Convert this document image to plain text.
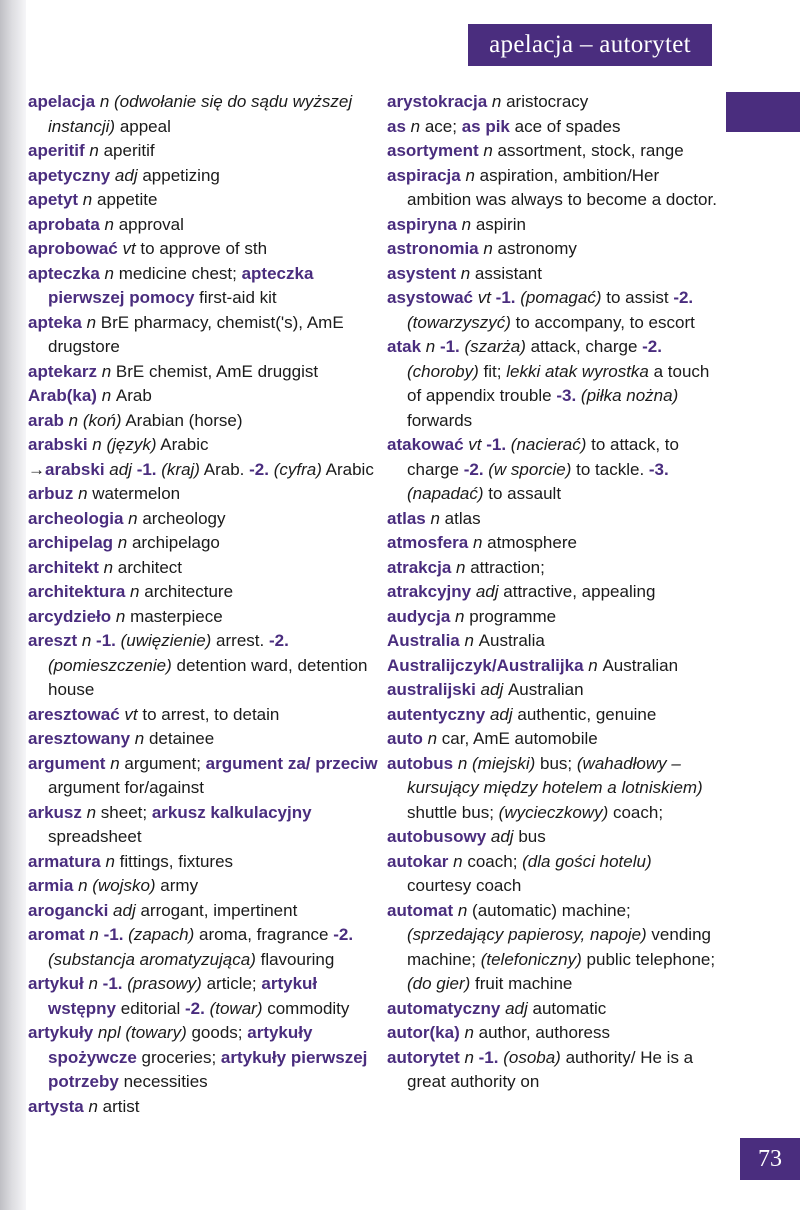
apelacja – autorytet
apelacja n (odwołanie się do sądu wyższej instancji) appeal
aperitif n aperitif
apetyczny adj appetizing
apetyt n appetite
aprobata n approval
aprobować vt to approve of sth
apteczka n medicine chest; apteczka pierwszej pomocy first-aid kit
apteka n BrE pharmacy, chemist('s), AmE drugstore
aptekarz n BrE chemist, AmE druggist
Arab(ka) n Arab
arab n (koń) Arabian (horse)
arabski n (język) Arabic
→arabski adj -1. (kraj) Arab. -2. (cyfra) Arabic
arbuz n watermelon
archeologia n archeology
archipelag n archipelago
architekt n architect
architektura n architecture
arcydzieło n masterpiece
areszt n -1. (uwięzienie) arrest. -2. (pomieszczenie) detention ward, detention house
aresztować vt to arrest, to detain
aresztowany n detainee
argument n argument; argument za/ przeciw argument for/against
arkusz n sheet; arkusz kalkulacyjny spreadsheet
armatura n fittings, fixtures
armia n (wojsko) army
arogancki adj arrogant, impertinent
aromat n -1. (zapach) aroma, fragrance -2. (substancja aromatyzująca) flavouring
artykuł n -1. (prasowy) article; artykuł wstępny editorial -2. (towar) commodity
artykuły npl (towary) goods; artykuły spożywcze groceries; artykuły pierwszej potrzeby necessities
artysta n artist
arystokracja n aristocracy
as n ace; as pik ace of spades
asortyment n assortment, stock, range
aspiracja n aspiration, ambition/Her ambition was always to become a doctor.
aspiryna n aspirin
astronomia n astronomy
asystent n assistant
asystować vt -1. (pomagać) to assist -2. (towarzyszyć) to accompany, to escort
atak n -1. (szarża) attack, charge -2. (choroby) fit; lekki atak wyrostka a touch of appendix trouble -3. (piłka nożna) forwards
atakować vt -1. (nacierać) to attack, to charge -2. (w sporcie) to tackle. -3. (napadać) to assault
atlas n atlas
atmosfera n atmosphere
atrakcja n attraction;
atrakcyjny adj attractive, appealing
audycja n programme
Australia n Australia
Australijczyk/Australijka n Australian
australijski adj Australian
autentyczny adj authentic, genuine
auto n car, AmE automobile
autobus n (miejski) bus; (wahadłowy – kursujący między hotelem a lotniskiem) shuttle bus; (wycieczkowy) coach;
autobusowy adj bus
autokar n coach; (dla gości hotelu) courtesy coach
automat n (automatic) machine; (sprzedający papierosy, napoje) vending machine; (telefoniczny) public telephone; (do gier) fruit machine
automatyczny adj automatic
autor(ka) n author, authoress
autorytet n -1. (osoba) authority/ He is a great authority on
73
